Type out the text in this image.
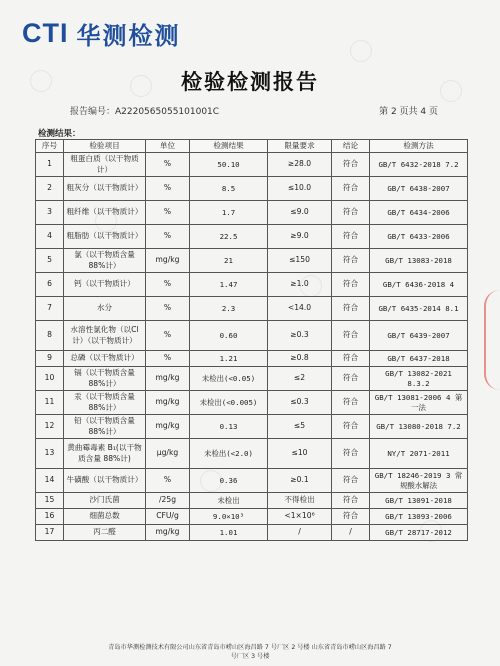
CTI 华测检测
检验检测报告
报告编号：A2220565055101001C	第 2 页共 4 页
检测结果：
序号	检验项目	单位	检测结果	限量要求	结论	检测方法
1	粗蛋白质（以干物质计）	%	50.10	≥28.0	符合	GB/T 6432-2018 7.2
2	粗灰分（以干物质计）	%	8.5	≤10.0	符合	GB/T 6438-2007
3	粗纤维（以干物质计）	%	1.7	≤9.0	符合	GB/T 6434-2006
4	粗脂肪（以干物质计）	%	22.5	≥9.0	符合	GB/T 6433-2006
5	氯（以干物质含量88%计）	mg/kg	21	≤150	符合	GB/T 13083-2018
6	钙（以干物质计）	%	1.47	≥1.0	符合	GB/T 6436-2018 4
7	水分	%	2.3	<14.0	符合	GB/T 6435-2014 8.1
8	水溶性氯化物（以Cl计）（以干物质计）	%	0.60	≥0.3	符合	GB/T 6439-2007
9	总磷（以干物质计）	%	1.21	≥0.8	符合	GB/T 6437-2018
10	镉（以干物质含量88%计）	mg/kg	未检出(<0.05)	≤2	符合	GB/T 13082-2021 8.3.2
11	汞（以干物质含量88%计）	mg/kg	未检出(<0.005)	≤0.3	符合	GB/T 13081-2006 4 第一法
12	铅（以干物质含量88%计）	mg/kg	0.13	≤5	符合	GB/T 13080-2018 7.2
13	黄曲霉毒素 B₁(以干物质含量 88%计)	μg/kg	未检出(<2.0)	≤10	符合	NY/T 2071-2011
14	牛磺酸（以干物质计）	%	0.36	≥0.1	符合	GB/T 18246-2019 3 常规酸水解法
15	沙门氏菌	/25g	未检出	不得检出	符合	GB/T 13091-2018
16	细菌总数	CFU/g	9.0×10³	<1×10⁶	符合	GB/T 13093-2006
17	丙二醛	mg/kg	1.01	/	/	GB/T 28717-2012
青岛市华测检测技术有限公司山东省青岛市崂山区海昌路 7 号厂区 2 号楼 山东省青岛市崂山区海昌路 7
号厂区 3 号楼
